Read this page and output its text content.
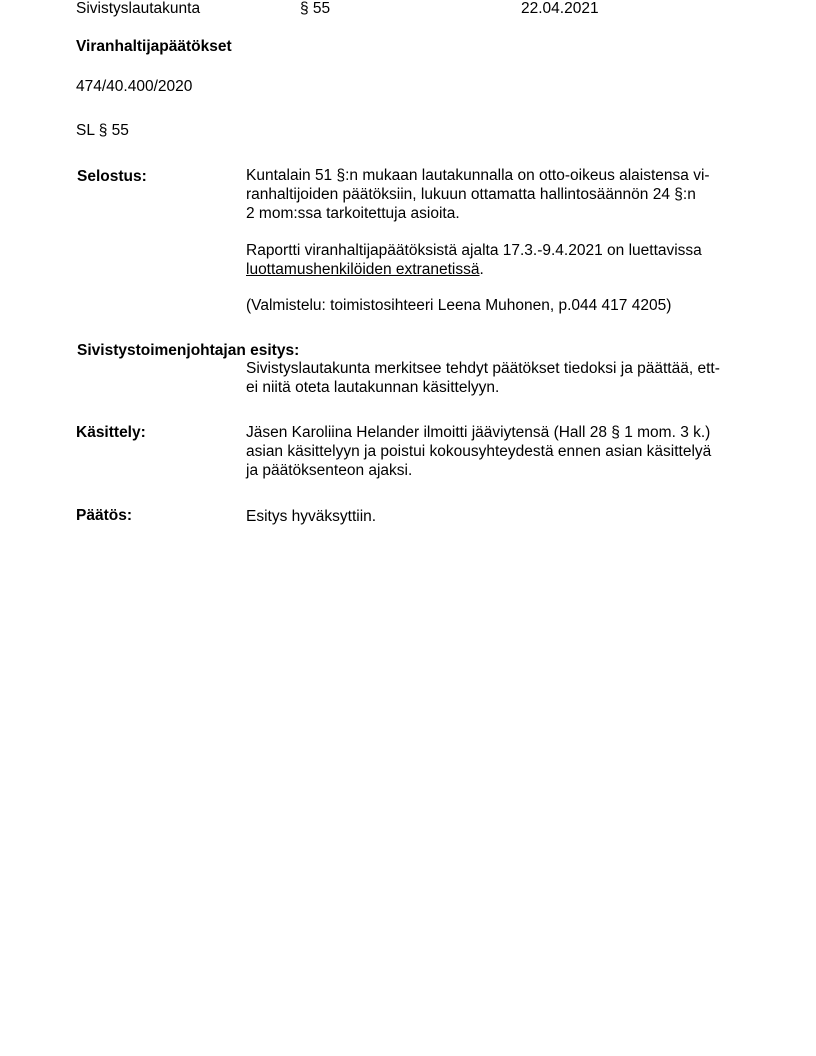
Sivistyslautakunta	§ 55	22.04.2021
Viranhaltijapäätökset
474/40.400/2020
SL § 55
Selostus:	Kuntalain 51 §:n mukaan lautakunnalla on otto-oikeus alaistensa vi-
ranhaltijoiden päätöksiin, lukuun ottamatta hallintosäännön 24 §:n
2 mom:ssa tarkoitettuja asioita.
Raportti viranhaltijapäätöksistä ajalta 17.3.-9.4.2021 on luettavissa
luottamushenkilöiden extranetissä.
(Valmistelu: toimistosihteeri Leena Muhonen, p.044 417 4205)
Sivistystoimenjohtajan esitys:
Sivistyslautakunta merkitsee tehdyt päätökset tiedoksi ja päättää, ett-
ei niitä oteta lautakunnan käsittelyyn.
Käsittely:	Jäsen Karoliina Helander ilmoitti jääviytensä (Hall 28 § 1 mom. 3 k.)
asian käsittelyyn ja poistui kokousyhteydestä ennen asian käsittelyä
ja päätöksenteon ajaksi.
Päätös:	Esitys hyväksyttiin.
